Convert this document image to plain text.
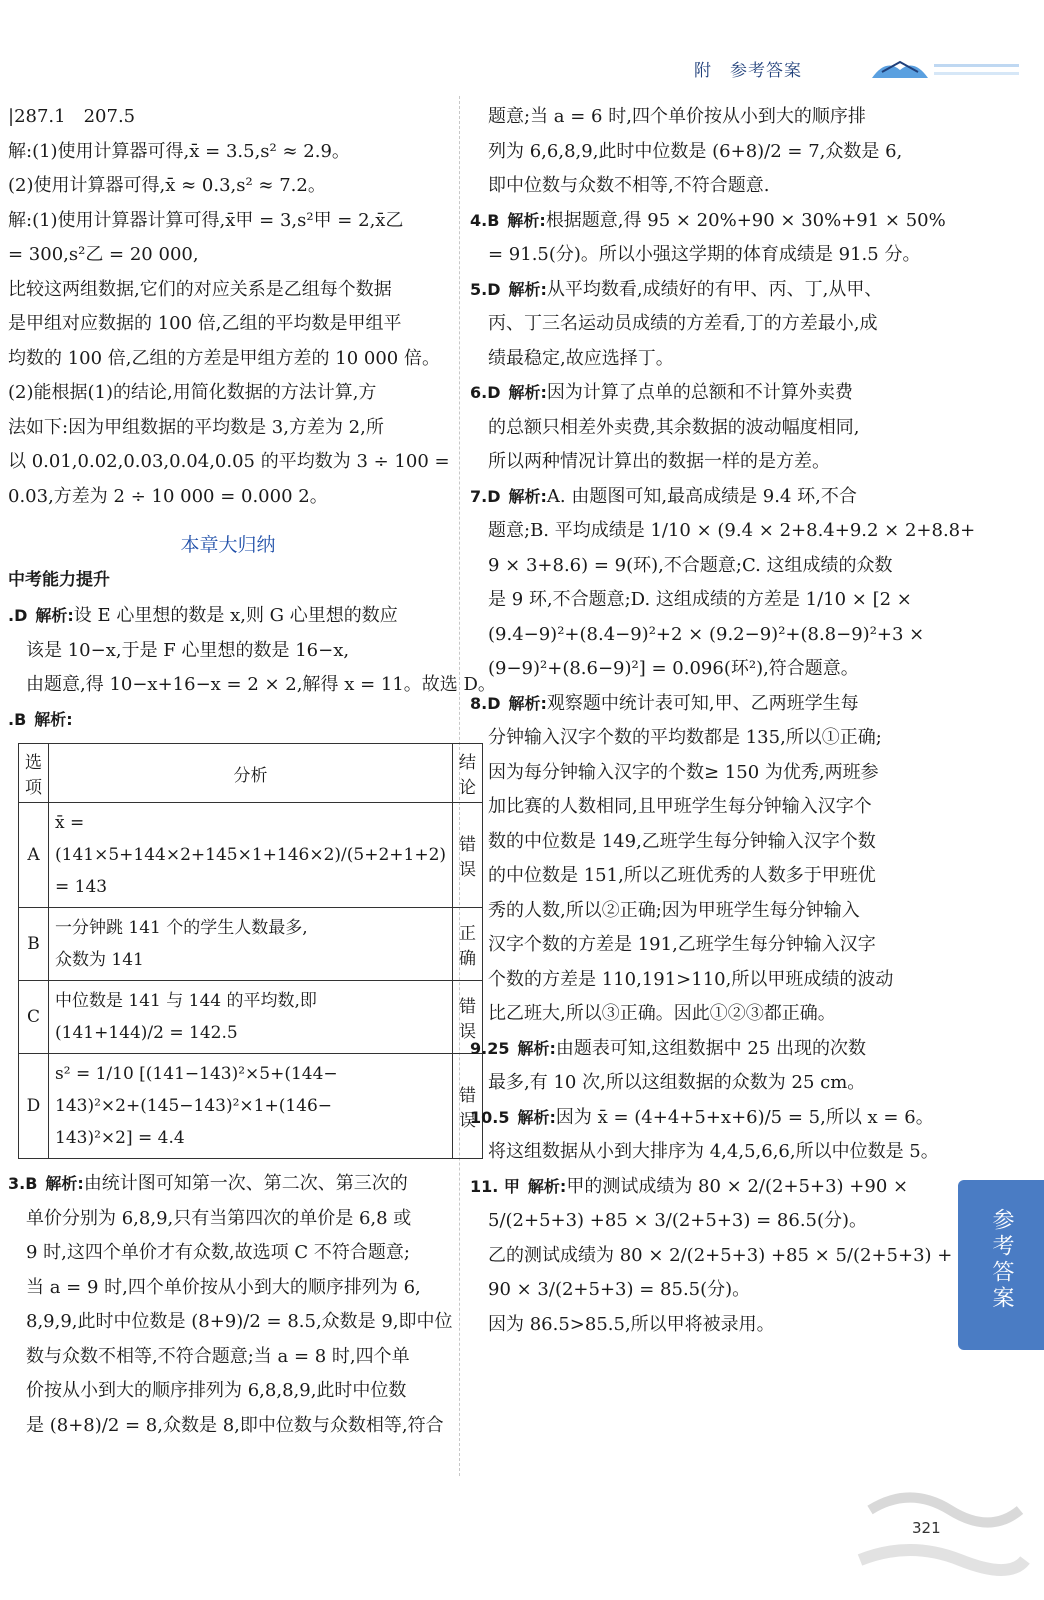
附　参考答案

|287.1　207.5

解:(1)使用计算器可得,x̄ = 3.5,s² ≈ 2.9。

(2)使用计算器可得,x̄ ≈ 0.3,s² ≈ 7.2。

解:(1)使用计算器计算可得,x̄甲 = 3,s²甲 = 2,x̄乙

= 300,s²乙 = 20 000,

比较这两组数据,它们的对应关系是乙组每个数据

是甲组对应数据的 100 倍,乙组的平均数是甲组平

均数的 100 倍,乙组的方差是甲组方差的 10 000 倍。

(2)能根据(1)的结论,用简化数据的方法计算,方

法如下:因为甲组数据的平均数是 3,方差为 2,所

以 0.01,0.02,0.03,0.04,0.05 的平均数为 3 ÷ 100 =

0.03,方差为 2 ÷ 10 000 = 0.000 2。

本章大归纳
中考能力提升

.D 解析:设 E 心里想的数是 x,则 G 心里想的数应

该是 10−x,于是 F 心里想的数是 16−x,

由题意,得 10−x+16−x = 2 × 2,解得 x = 11。故选 D。

.B 解析:

选项	分析	结论
A	x̄ = (141×5+144×2+145×1+146×2)/(5+2+1+2)
= 143	错误
B	一分钟跳 141 个的学生人数最多,
众数为 141	正确
C	中位数是 141 与 144 的平均数,即
(141+144)/2 = 142.5	错误
D	s² = 1/10 [(141−143)²×5+(144−
143)²×2+(145−143)²×1+(146−
143)²×2] = 4.4	错误

3.B 解析:由统计图可知第一次、第二次、第三次的

单价分别为 6,8,9,只有当第四次的单价是 6,8 或

9 时,这四个单价才有众数,故选项 C 不符合题意;

当 a = 9 时,四个单价按从小到大的顺序排列为 6,

8,9,9,此时中位数是 (8+9)/2 = 8.5,众数是 9,即中位

数与众数不相等,不符合题意;当 a = 8 时,四个单

价按从小到大的顺序排列为 6,8,8,9,此时中位数

是 (8+8)/2 = 8,众数是 8,即中位数与众数相等,符合

题意;当 a = 6 时,四个单价按从小到大的顺序排

列为 6,6,8,9,此时中位数是 (6+8)/2 = 7,众数是 6,

即中位数与众数不相等,不符合题意.

4.B 解析:根据题意,得 95 × 20%+90 × 30%+91 × 50%

= 91.5(分)。所以小强这学期的体育成绩是 91.5 分。

5.D 解析:从平均数看,成绩好的有甲、丙、丁,从甲、

丙、丁三名运动员成绩的方差看,丁的方差最小,成

绩最稳定,故应选择丁。

6.D 解析:因为计算了点单的总额和不计算外卖费

的总额只相差外卖费,其余数据的波动幅度相同,

所以两种情况计算出的数据一样的是方差。

7.D 解析:A. 由题图可知,最高成绩是 9.4 环,不合

题意;B. 平均成绩是 1/10 × (9.4 × 2+8.4+9.2 × 2+8.8+

9 × 3+8.6) = 9(环),不合题意;C. 这组成绩的众数

是 9 环,不合题意;D. 这组成绩的方差是 1/10 × [2 ×

(9.4−9)²+(8.4−9)²+2 × (9.2−9)²+(8.8−9)²+3 ×

(9−9)²+(8.6−9)²] = 0.096(环²),符合题意。

8.D 解析:观察题中统计表可知,甲、乙两班学生每

分钟输入汉字个数的平均数都是 135,所以①正确;

因为每分钟输入汉字的个数≥ 150 为优秀,两班参

加比赛的人数相同,且甲班学生每分钟输入汉字个

数的中位数是 149,乙班学生每分钟输入汉字个数

的中位数是 151,所以乙班优秀的人数多于甲班优

秀的人数,所以②正确;因为甲班学生每分钟输入

汉字个数的方差是 191,乙班学生每分钟输入汉字

个数的方差是 110,191>110,所以甲班成绩的波动

比乙班大,所以③正确。因此①②③都正确。

9.25 解析:由题表可知,这组数据中 25 出现的次数

最多,有 10 次,所以这组数据的众数为 25 cm。

10.5 解析:因为 x̄ = (4+4+5+x+6)/5 = 5,所以 x = 6。

将这组数据从小到大排序为 4,4,5,6,6,所以中位数是 5。

11. 甲 解析:甲的测试成绩为 80 × 2/(2+5+3) +90 ×

5/(2+5+3) +85 × 3/(2+5+3) = 86.5(分)。

乙的测试成绩为 80 × 2/(2+5+3) +85 × 5/(2+5+3) +

90 × 3/(2+5+3) = 85.5(分)。

因为 86.5>85.5,所以甲将被录用。

参考答案
321
